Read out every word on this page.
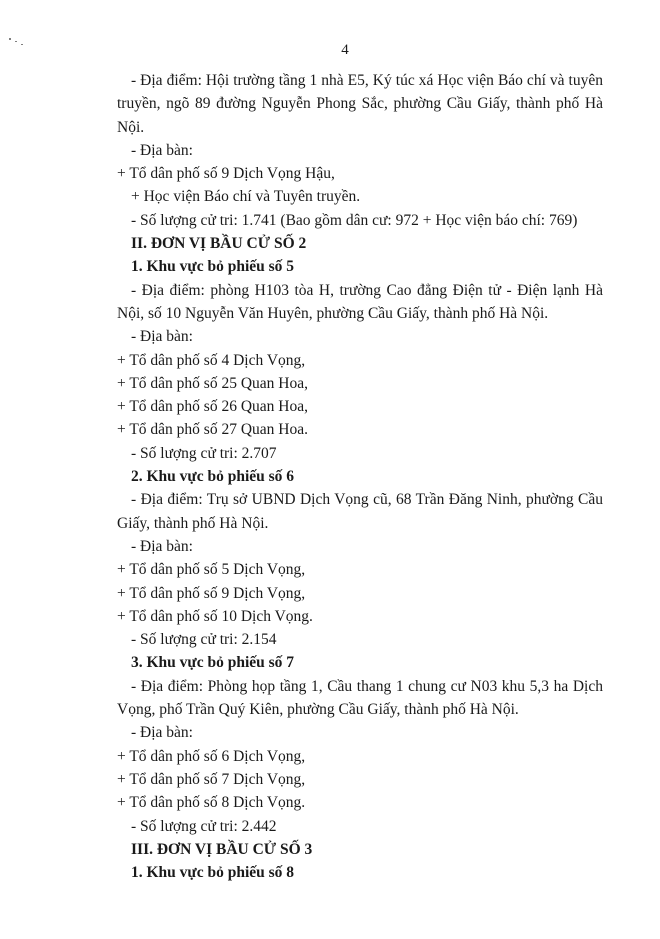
4

- Địa điểm: Hội trường tầng 1 nhà E5, Ký túc xá Học viện Báo chí và tuyên truyền, ngõ 89 đường Nguyễn Phong Sắc, phường Cầu Giấy, thành phố Hà Nội.

- Địa bàn:

+ Tổ dân phố số 9 Dịch Vọng Hậu,

+ Học viện Báo chí và Tuyên truyền.

- Số lượng cử tri: 1.741 (Bao gồm dân cư: 972 + Học viện báo chí: 769)

II. ĐƠN VỊ BẦU CỬ SỐ 2

1. Khu vực bỏ phiếu số 5

- Địa điểm: phòng H103 tòa H, trường Cao đẳng Điện tử - Điện lạnh Hà Nội, số 10 Nguyễn Văn Huyên, phường Cầu Giấy, thành phố Hà Nội.

- Địa bàn:

+ Tổ dân phố số 4 Dịch Vọng,

+ Tổ dân phố số 25 Quan Hoa,

+ Tổ dân phố số 26 Quan Hoa,

+ Tổ dân phố số 27 Quan Hoa.

- Số lượng cử tri: 2.707

2. Khu vực bỏ phiếu số 6

- Địa điểm: Trụ sở UBND Dịch Vọng cũ, 68 Trần Đăng Ninh, phường Cầu Giấy, thành phố Hà Nội.

- Địa bàn:

+ Tổ dân phố số 5 Dịch Vọng,

+ Tổ dân phố số 9 Dịch Vọng,

+ Tổ dân phố số 10 Dịch Vọng.

- Số lượng cử tri: 2.154

3. Khu vực bỏ phiếu số 7

- Địa điểm: Phòng họp tầng 1, Cầu thang 1 chung cư N03 khu 5,3 ha Dịch Vọng, phố Trần Quý Kiên, phường Cầu Giấy, thành phố Hà Nội.

- Địa bàn:

+ Tổ dân phố số 6 Dịch Vọng,

+ Tổ dân phố số 7 Dịch Vọng,

+ Tổ dân phố số 8 Dịch Vọng.

- Số lượng cử tri: 2.442

III. ĐƠN VỊ BẦU CỬ SỐ 3

1. Khu vực bỏ phiếu số 8
